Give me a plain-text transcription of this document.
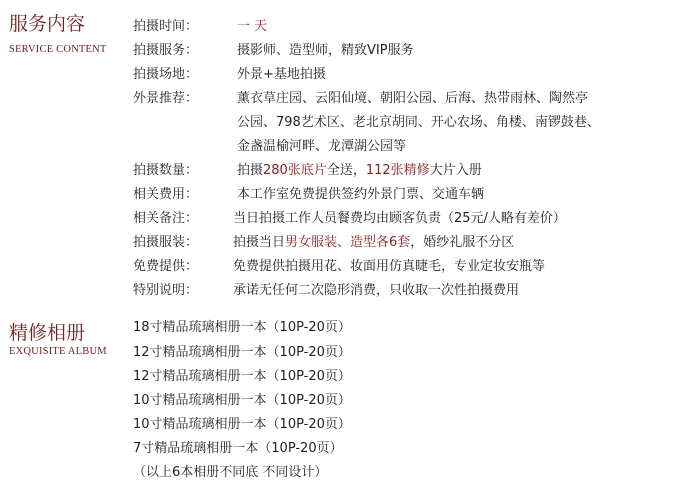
服务内容
SERVICE CONTENT
拍摄时间：	一 天
拍摄服务：	摄影师、造型师，精致VIP服务
拍摄场地：	外景+基地拍摄
外景推荐：	薰衣草庄园、云阳仙境、朝阳公园、后海、热带雨林、陶然亭
公园、798艺术区、老北京胡同、开心农场、角楼、南锣鼓巷、
金盏温榆河畔、龙潭湖公园等
拍摄数量：	拍摄280张底片全送，112张精修大片入册
相关费用：	本工作室免费提供签约外景门票、交通车辆
相关备注：	当日拍摄工作人员餐费均由顾客负责（25元/人略有差价）
拍摄服装：	拍摄当日男女服装、造型各6套，婚纱礼服不分区
免费提供：	免费提供拍摄用花、妆面用仿真睫毛，专业定妆安瓶等
特别说明：	承诺无任何二次隐形消费，只收取一次性拍摄费用
精修相册
EXQUISITE ALBUM
18寸精品琉璃相册一本（10P-20页）
12寸精品琉璃相册一本（10P-20页）
12寸精品琉璃相册一本（10P-20页）
10寸精品琉璃相册一本（10P-20页）
10寸精品琉璃相册一本（10P-20页）
7寸精品琉璃相册一本（10P-20页）
（以上6本相册不同底 不同设计）
